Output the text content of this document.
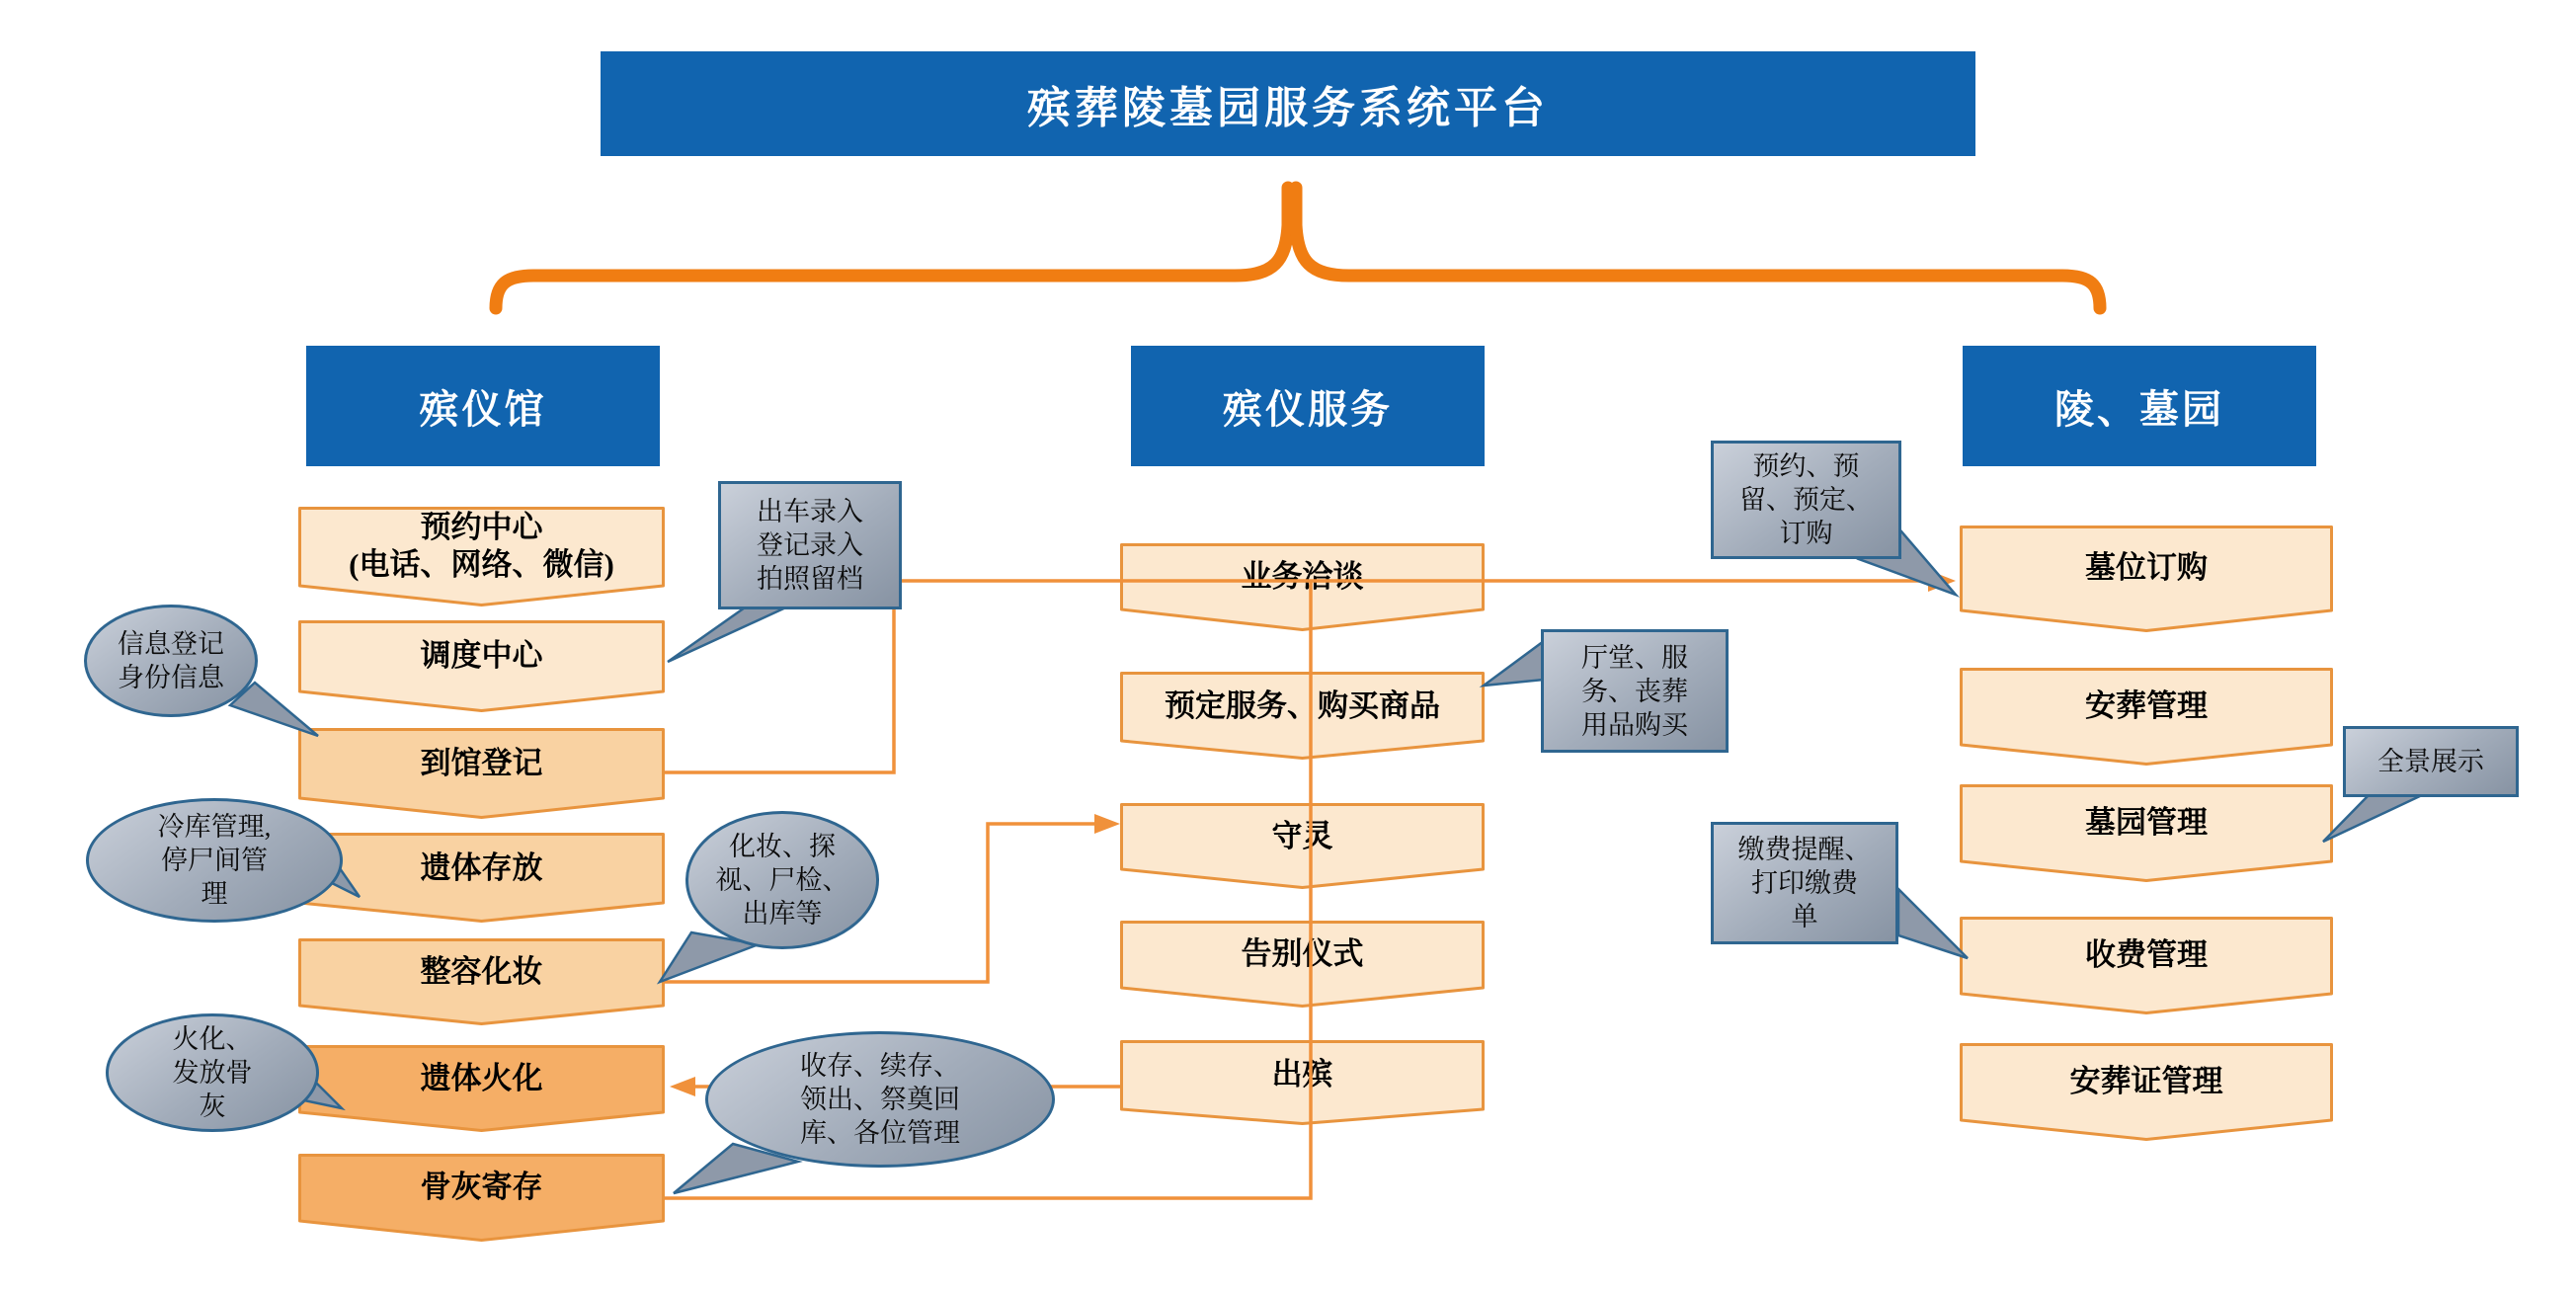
殡葬陵墓园服务系统平台
殡仪馆	殡仪服务	陵、墓园
预约中心
(电话、网络、微信)
调度中心
到馆登记
遗体存放
整容化妆
遗体火化
骨灰寄存
业务洽谈
预定服务、购买商品
守灵
告别仪式
出殡
墓位订购
安葬管理
墓园管理
收费管理
安葬证管理
出车录入
登记录入
拍照留档
信息登记
身份信息
冷库管理,
停尸间管
理
化妆、探
视、尸检、
出库等
火化、
发放骨
灰
收存、续存、
领出、祭奠回
库、各位管理
厅堂、服
务、丧葬
用品购买
预约、预
留、预定、
订购
全景展示
缴费提醒、
打印缴费
单
